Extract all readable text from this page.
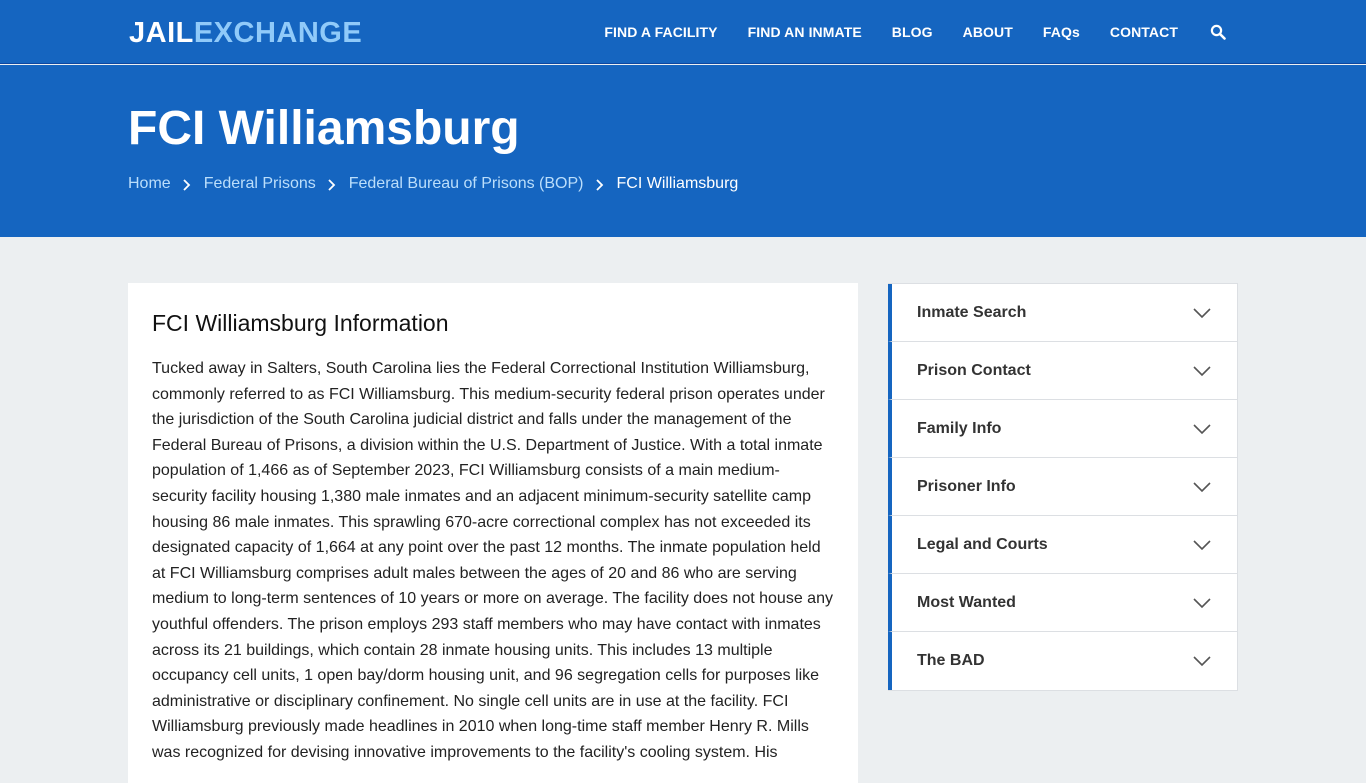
JAILEXCHANGE	FIND A FACILITY FIND AN INMATE BLOG ABOUT FAQs CONTACT
FCI Williamsburg
Home Federal Prisons Federal Bureau of Prisons (BOP) FCI Williamsburg
FCI Williamsburg Information

Tucked away in Salters, South Carolina lies the Federal Correctional Institution Williamsburg, commonly referred to as FCI Williamsburg. This medium-security federal prison operates under the jurisdiction of the South Carolina judicial district and falls under the management of the Federal Bureau of Prisons, a division within the U.S. Department of Justice. With a total inmate population of 1,466 as of September 2023, FCI Williamsburg consists of a main medium-security facility housing 1,380 male inmates and an adjacent minimum-security satellite camp housing 86 male inmates. This sprawling 670-acre correctional complex has not exceeded its designated capacity of 1,664 at any point over the past 12 months. The inmate population held at FCI Williamsburg comprises adult males between the ages of 20 and 86 who are serving medium to long-term sentences of 10 years or more on average. The facility does not house any youthful offenders. The prison employs 293 staff members who may have contact with inmates across its 21 buildings, which contain 28 inmate housing units. This includes 13 multiple occupancy cell units, 1 open bay/dorm housing unit, and 96 segregation cells for purposes like administrative or disciplinary confinement. No single cell units are in use at the facility. FCI Williamsburg previously made headlines in 2010 when long-time staff member Henry R. Mills was recognized for devising innovative improvements to the facility's cooling system. His

Inmate Search
Prison Contact
Family Info
Prisoner Info
Legal and Courts
Most Wanted
The BAD
